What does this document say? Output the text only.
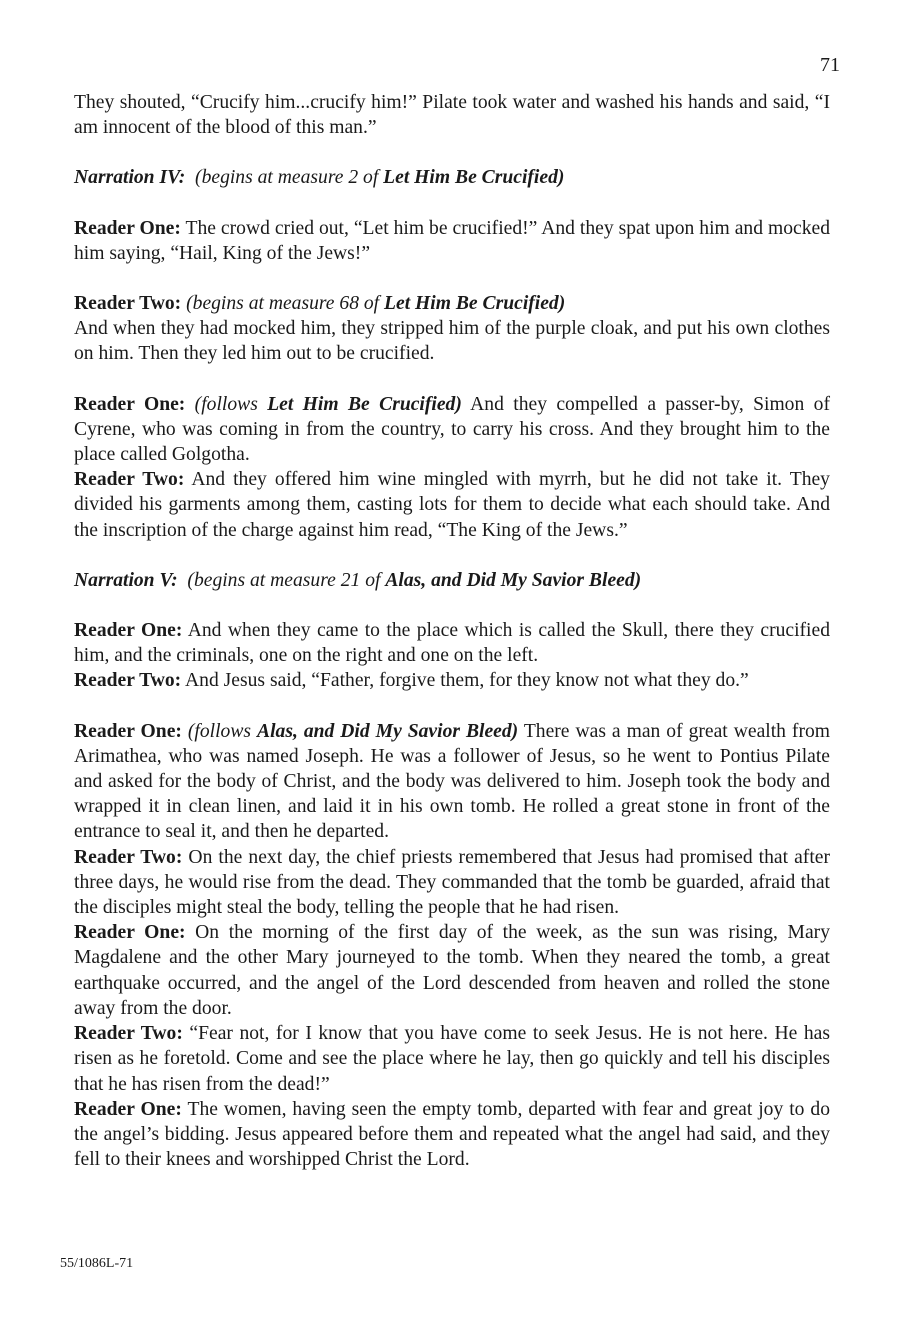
71

They shouted, “Crucify him...crucify him!” Pilate took water and washed his hands and said, “I am innocent of the blood of this man.”

Narration IV: (begins at measure 2 of Let Him Be Crucified)

Reader One: The crowd cried out, “Let him be crucified!” And they spat upon him and mocked him saying, “Hail, King of the Jews!”

Reader Two: (begins at measure 68 of Let Him Be Crucified)
And when they had mocked him, they stripped him of the purple cloak, and put his own clothes on him. Then they led him out to be crucified.

Reader One: (follows Let Him Be Crucified) And they compelled a passer-by, Simon of Cyrene, who was coming in from the country, to carry his cross. And they brought him to the place called Golgotha.

Reader Two: And they offered him wine mingled with myrrh, but he did not take it. They divided his garments among them, casting lots for them to decide what each should take. And the inscription of the charge against him read, “The King of the Jews.”

Narration V: (begins at measure 21 of Alas, and Did My Savior Bleed)

Reader One: And when they came to the place which is called the Skull, there they crucified him, and the criminals, one on the right and one on the left.

Reader Two: And Jesus said, “Father, forgive them, for they know not what they do.”

Reader One: (follows Alas, and Did My Savior Bleed) There was a man of great wealth from Arimathea, who was named Joseph. He was a follower of Jesus, so he went to Pontius Pilate and asked for the body of Christ, and the body was delivered to him. Joseph took the body and wrapped it in clean linen, and laid it in his own tomb. He rolled a great stone in front of the entrance to seal it, and then he departed.

Reader Two: On the next day, the chief priests remembered that Jesus had promised that after three days, he would rise from the dead. They commanded that the tomb be guarded, afraid that the disciples might steal the body, telling the people that he had risen.

Reader One: On the morning of the first day of the week, as the sun was rising, Mary Magdalene and the other Mary journeyed to the tomb. When they neared the tomb, a great earthquake occurred, and the angel of the Lord descended from heaven and rolled the stone away from the door.

Reader Two: “Fear not, for I know that you have come to seek Jesus. He is not here. He has risen as he foretold. Come and see the place where he lay, then go quickly and tell his disciples that he has risen from the dead!”

Reader One: The women, having seen the empty tomb, departed with fear and great joy to do the angel’s bidding. Jesus appeared before them and repeated what the angel had said, and they fell to their knees and worshipped Christ the Lord.

55/1086L-71
